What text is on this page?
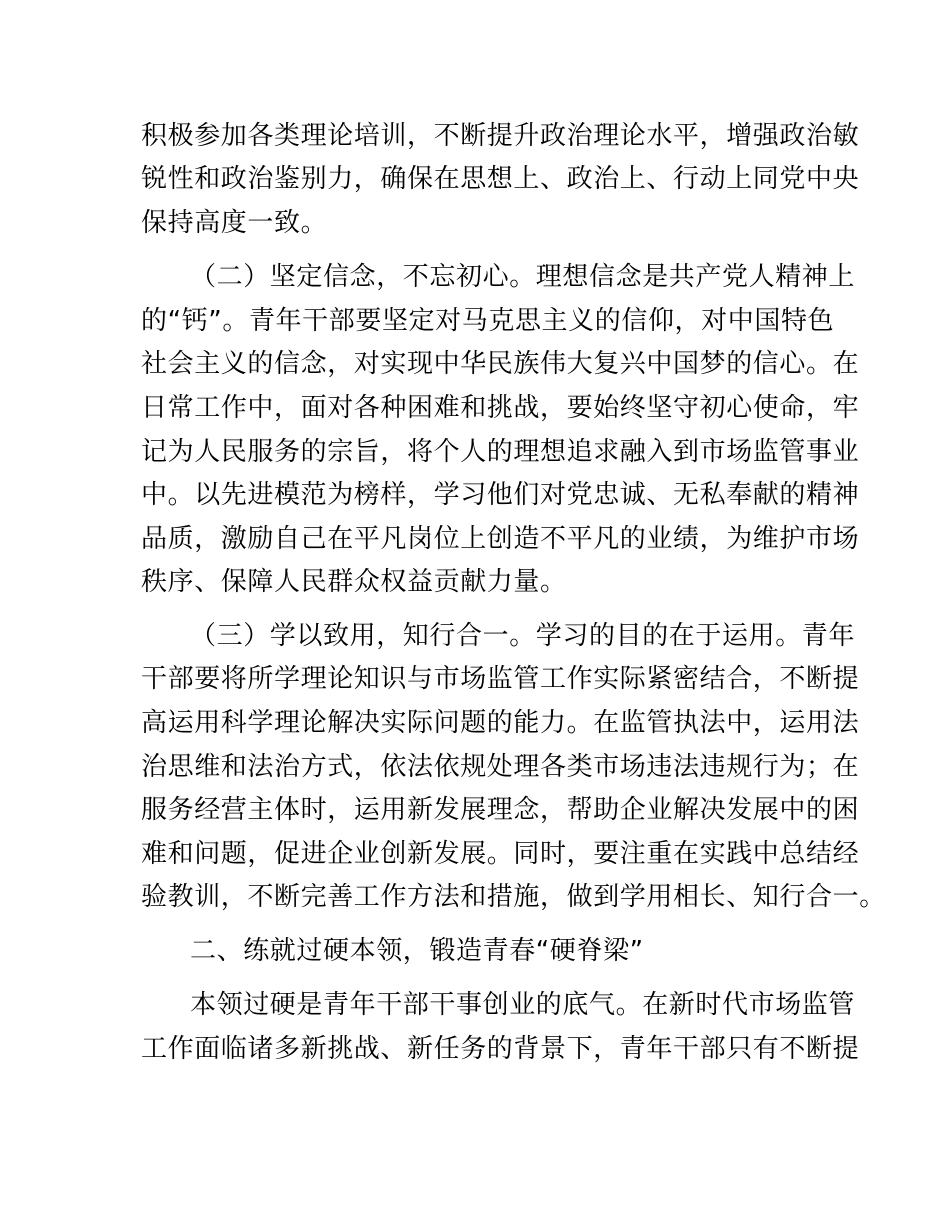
积极参加各类理论培训，不断提升政治理论水平，增强政治敏
锐性和政治鉴别力，确保在思想上、政治上、行动上同党中央
保持高度一致。
（二）坚定信念，不忘初心。理想信念是共产党人精神上
的“钙”。青年干部要坚定对马克思主义的信仰，对中国特色
社会主义的信念，对实现中华民族伟大复兴中国梦的信心。在
日常工作中，面对各种困难和挑战，要始终坚守初心使命，牢
记为人民服务的宗旨，将个人的理想追求融入到市场监管事业
中。以先进模范为榜样，学习他们对党忠诚、无私奉献的精神
品质，激励自己在平凡岗位上创造不平凡的业绩，为维护市场
秩序、保障人民群众权益贡献力量。
（三）学以致用，知行合一。学习的目的在于运用。青年
干部要将所学理论知识与市场监管工作实际紧密结合，不断提
高运用科学理论解决实际问题的能力。在监管执法中，运用法
治思维和法治方式，依法依规处理各类市场违法违规行为；在
服务经营主体时，运用新发展理念，帮助企业解决发展中的困
难和问题，促进企业创新发展。同时，要注重在实践中总结经
验教训，不断完善工作方法和措施，做到学用相长、知行合一。
二、练就过硬本领，锻造青春“硬脊梁”
本领过硬是青年干部干事创业的底气。在新时代市场监管
工作面临诸多新挑战、新任务的背景下，青年干部只有不断提
